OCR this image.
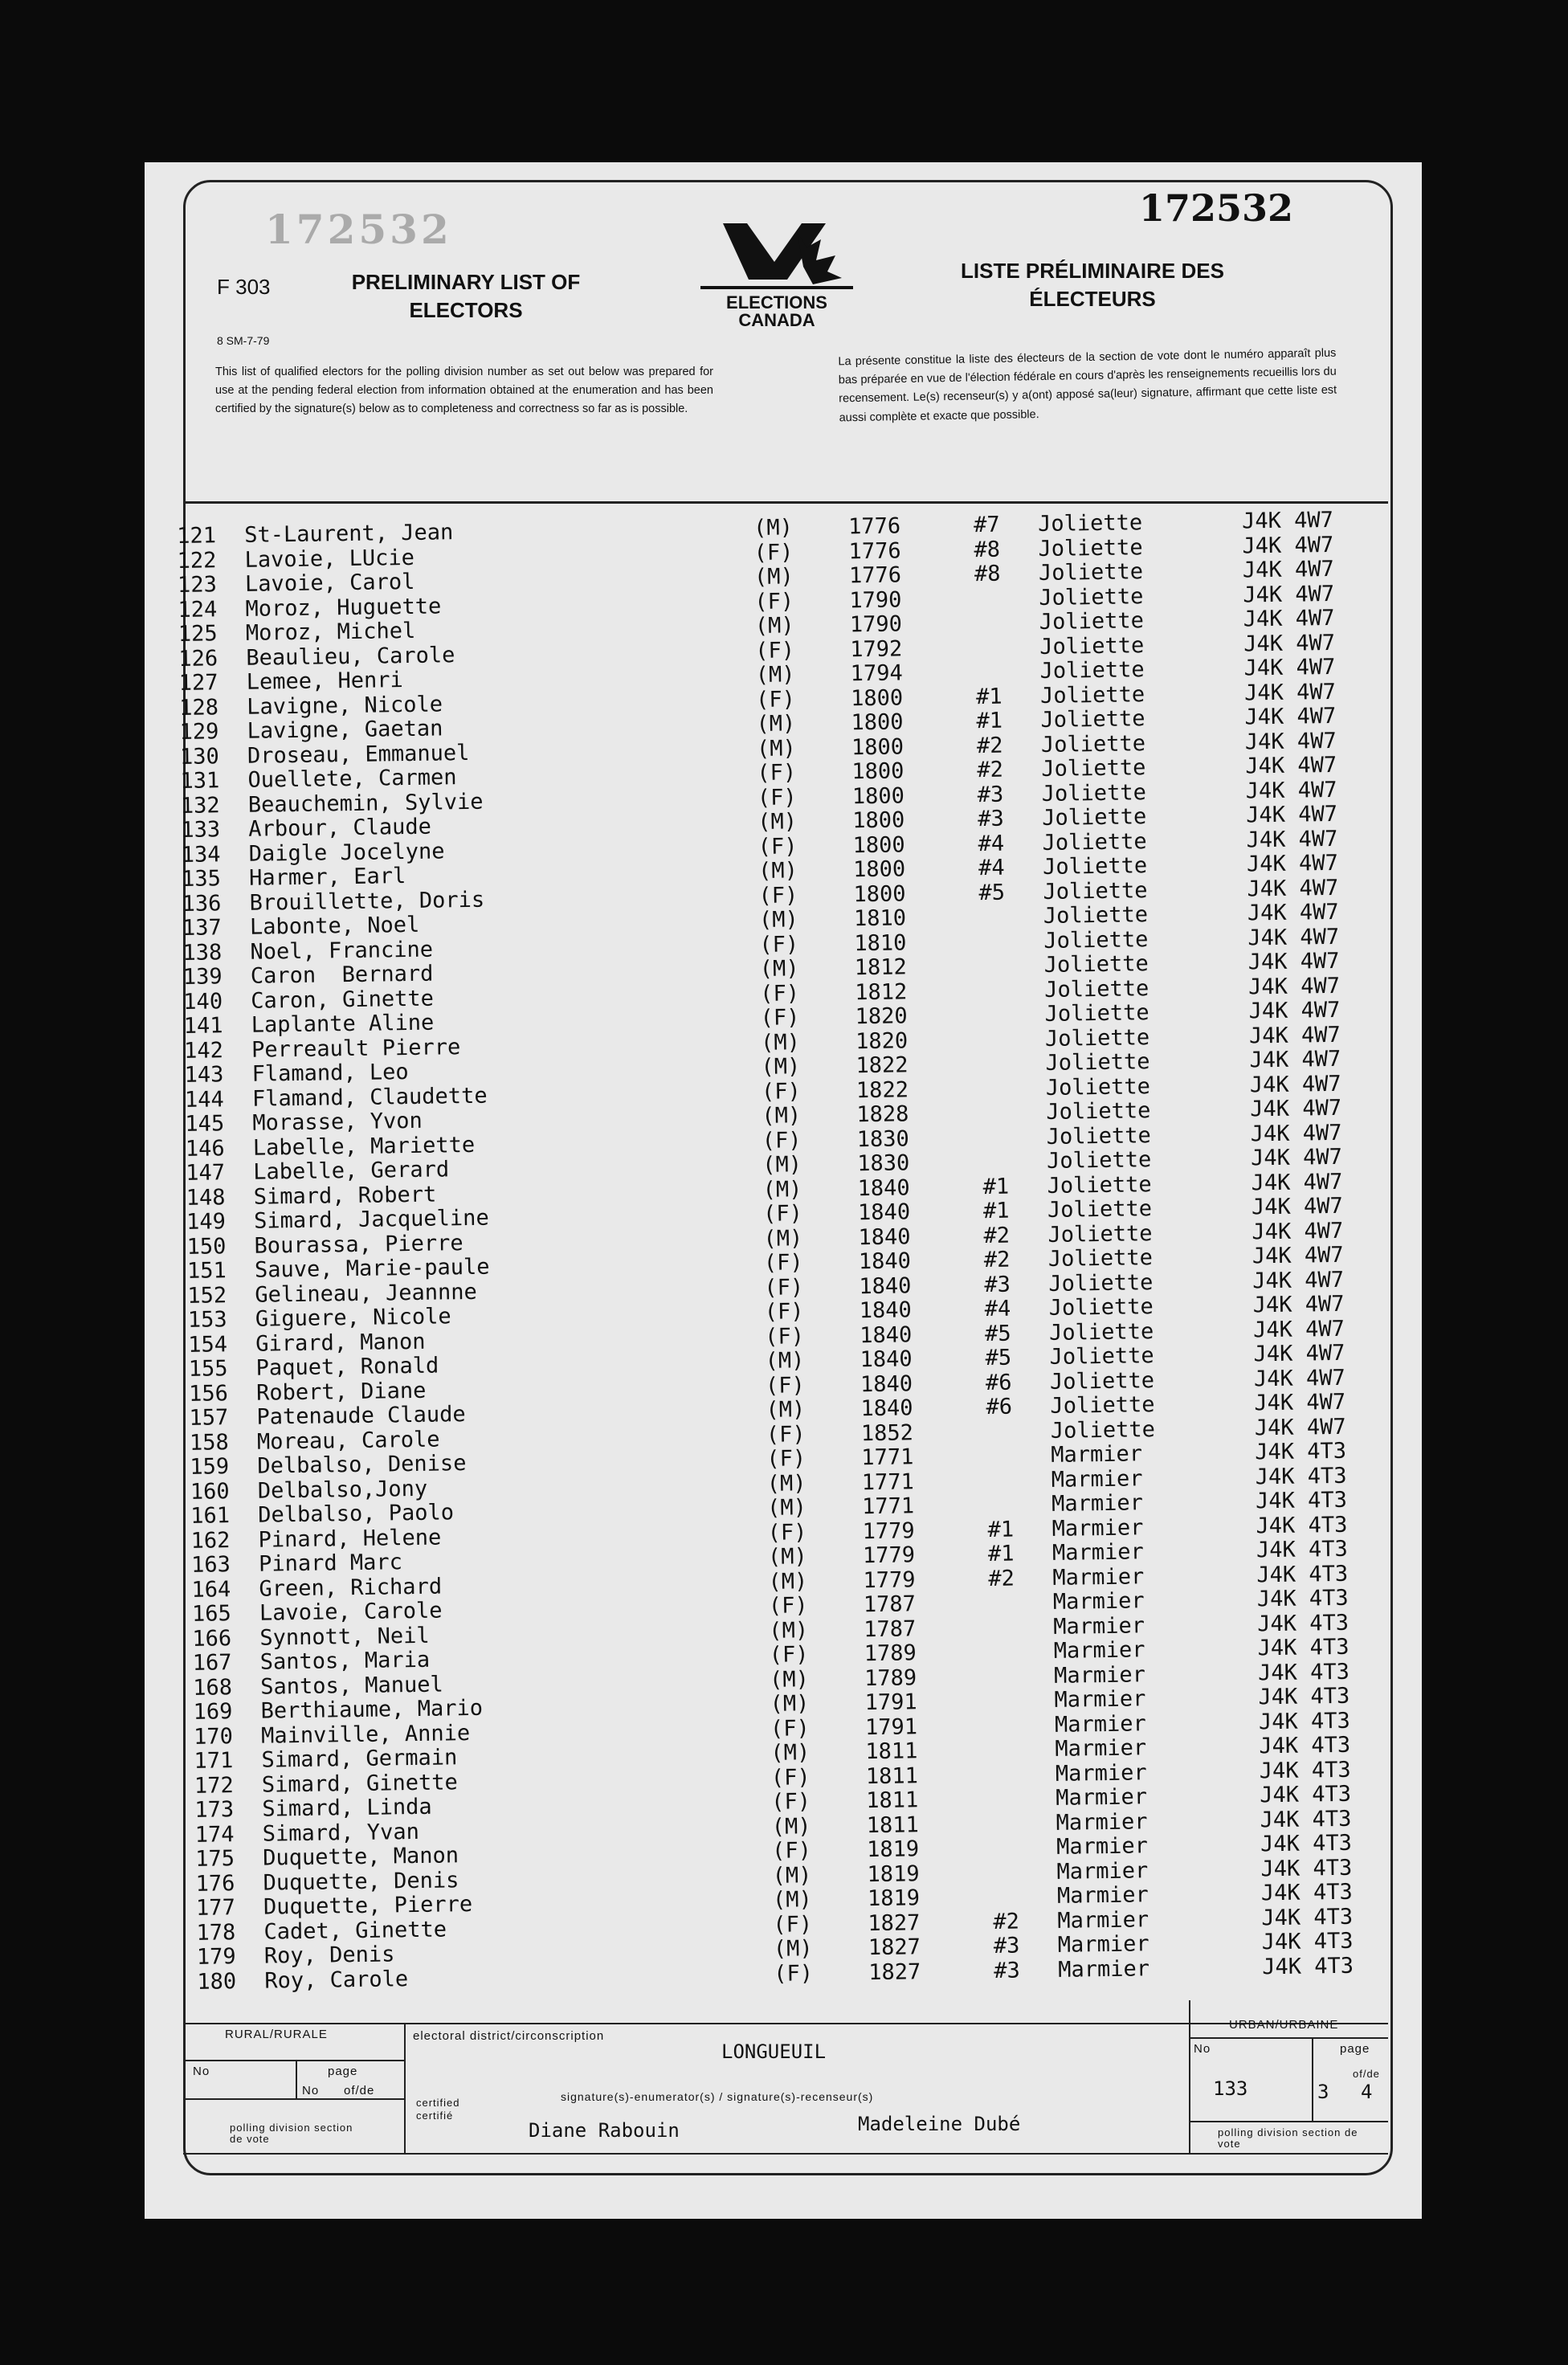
172532	172532
F 303
8 SM-7-79
PRELIMINARY LIST OF ELECTORS
LISTE PRÉLIMINAIRE DES ÉLECTEURS
ELECTIONS CANADA
This list of qualified electors for the polling division number as set out below was prepared for use at the pending federal election from information obtained at the enumeration and has been certified by the signature(s) below as to completeness and correctness so far as is possible.
La présente constitue la liste des électeurs de la section de vote dont le numéro apparaît plus bas préparée en vue de l'élection fédérale en cours d'après les renseignements recueillis lors du recensement. Le(s) recenseur(s) y a(ont) apposé sa(leur) signature, affirmant que cette liste est aussi complète et exacte que possible.
121 St-Laurent, Jean	(M)	1776	#7 Joliette	J4K 4W7
122 Lavoie, LUcie	(F)	1776	#8 Joliette	J4K 4W7
123 Lavoie, Carol	(M)	1776	#8 Joliette	J4K 4W7
124 Moroz, Huguette	(F)	1790	Joliette	J4K 4W7
125 Moroz, Michel	(M)	1790	Joliette	J4K 4W7
126 Beaulieu, Carole	(F)	1792	Joliette	J4K 4W7
127 Lemee, Henri	(M)	1794	Joliette	J4K 4W7
128 Lavigne, Nicole	(F)	1800	#1 Joliette	J4K 4W7
129 Lavigne, Gaetan	(M)	1800	#1 Joliette	J4K 4W7
130 Droseau, Emmanuel	(M)	1800	#2 Joliette	J4K 4W7
131 Ouellete, Carmen	(F)	1800	#2 Joliette	J4K 4W7
132 Beauchemin, Sylvie	(F)	1800	#3 Joliette	J4K 4W7
133 Arbour, Claude	(M)	1800	#3 Joliette	J4K 4W7
134 Daigle Jocelyne	(F)	1800	#4 Joliette	J4K 4W7
135 Harmer, Earl	(M)	1800	#4 Joliette	J4K 4W7
136 Brouillette, Doris	(F)	1800	#5 Joliette	J4K 4W7
137 Labonte, Noel	(M)	1810	Joliette	J4K 4W7
138 Noel, Francine	(F)	1810	Joliette	J4K 4W7
139 Caron  Bernard	(M)	1812	Joliette	J4K 4W7
140 Caron, Ginette	(F)	1812	Joliette	J4K 4W7
141 Laplante Aline	(F)	1820	Joliette	J4K 4W7
142 Perreault Pierre	(M)	1820	Joliette	J4K 4W7
143 Flamand, Leo	(M)	1822	Joliette	J4K 4W7
144 Flamand, Claudette	(F)	1822	Joliette	J4K 4W7
145 Morasse, Yvon	(M)	1828	Joliette	J4K 4W7
146 Labelle, Mariette	(F)	1830	Joliette	J4K 4W7
147 Labelle, Gerard	(M)	1830	Joliette	J4K 4W7
148 Simard, Robert	(M)	1840	#1 Joliette	J4K 4W7
149 Simard, Jacqueline	(F)	1840	#1 Joliette	J4K 4W7
150 Bourassa, Pierre	(M)	1840	#2 Joliette	J4K 4W7
151 Sauve, Marie-paule	(F)	1840	#2 Joliette	J4K 4W7
152 Gelineau, Jeannne	(F)	1840	#3 Joliette	J4K 4W7
153 Giguere, Nicole	(F)	1840	#4 Joliette	J4K 4W7
154 Girard, Manon	(F)	1840	#5 Joliette	J4K 4W7
155 Paquet, Ronald	(M)	1840	#5 Joliette	J4K 4W7
156 Robert, Diane	(F)	1840	#6 Joliette	J4K 4W7
157 Patenaude Claude	(M)	1840	#6 Joliette	J4K 4W7
158 Moreau, Carole	(F)	1852	Joliette	J4K 4W7
159 Delbalso, Denise	(F)	1771	Marmier	J4K 4T3
160 Delbalso,Jony	(M)	1771	Marmier	J4K 4T3
161 Delbalso, Paolo	(M)	1771	Marmier	J4K 4T3
162 Pinard, Helene	(F)	1779	#1 Marmier	J4K 4T3
163 Pinard Marc	(M)	1779	#1 Marmier	J4K 4T3
164 Green, Richard	(M)	1779	#2 Marmier	J4K 4T3
165 Lavoie, Carole	(F)	1787	Marmier	J4K 4T3
166 Synnott, Neil	(M)	1787	Marmier	J4K 4T3
167 Santos, Maria	(F)	1789	Marmier	J4K 4T3
168 Santos, Manuel	(M)	1789	Marmier	J4K 4T3
169 Berthiaume, Mario	(M)	1791	Marmier	J4K 4T3
170 Mainville, Annie	(F)	1791	Marmier	J4K 4T3
171 Simard, Germain	(M)	1811	Marmier	J4K 4T3
172 Simard, Ginette	(F)	1811	Marmier	J4K 4T3
173 Simard, Linda	(F)	1811	Marmier	J4K 4T3
174 Simard, Yvan	(M)	1811	Marmier	J4K 4T3
175 Duquette, Manon	(F)	1819	Marmier	J4K 4T3
176 Duquette, Denis	(M)	1819	Marmier	J4K 4T3
177 Duquette, Pierre	(M)	1819	Marmier	J4K 4T3
178 Cadet, Ginette	(F)	1827	#2 Marmier	J4K 4T3
179 Roy, Denis	(M)	1827	#3 Marmier	J4K 4T3
180 Roy, Carole	(F)	1827	#3 Marmier	J4K 4T3
RURAL/RURALE
No	page
No of/de
polling division section de vote
electoral district/circonscription
LONGUEUIL
certified certifié
signature(s)-enumerator(s) / signature(s)-recenseur(s)
Diane Rabouin	Madeleine Dubé
URBAN/URBAINE
No	page
133	3
of/de
4
polling division section de vote
